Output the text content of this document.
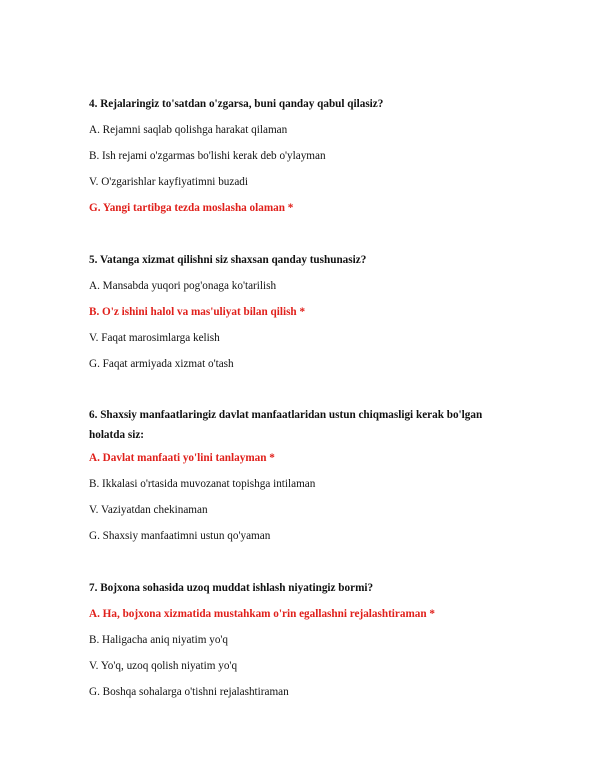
4. Rejalaringiz to'satdan o'zgarsa, buni qanday qabul qilasiz?
A. Rejamni saqlab qolishga harakat qilaman
B. Ish rejami o'zgarmas bo'lishi kerak deb o'ylayman
V. O'zgarishlar kayfiyatimni buzadi
G. Yangi tartibga tezda moslasha olaman *
5. Vatanga xizmat qilishni siz shaxsan qanday tushunasiz?
A. Mansabda yuqori pog'onaga ko'tarilish
B. O'z ishini halol va mas'uliyat bilan qilish *
V. Faqat marosimlarga kelish
G. Faqat armiyada xizmat o'tash
6. Shaxsiy manfaatlaringiz davlat manfaatlaridan ustun chiqmasligi kerak bo'lgan holatda siz:
A. Davlat manfaati yo'lini tanlayman *
B. Ikkalasi o'rtasida muvozanat topishga intilaman
V. Vaziyatdan chekinaman
G. Shaxsiy manfaatimni ustun qo'yaman
7. Bojxona sohasida uzoq muddat ishlash niyatingiz bormi?
A. Ha, bojxona xizmatida mustahkam o'rin egallashni rejalashtiraman *
B. Haligacha aniq niyatim yo'q
V. Yo'q, uzoq qolish niyatim yo'q
G. Boshqa sohalarga o'tishni rejalashtiraman
